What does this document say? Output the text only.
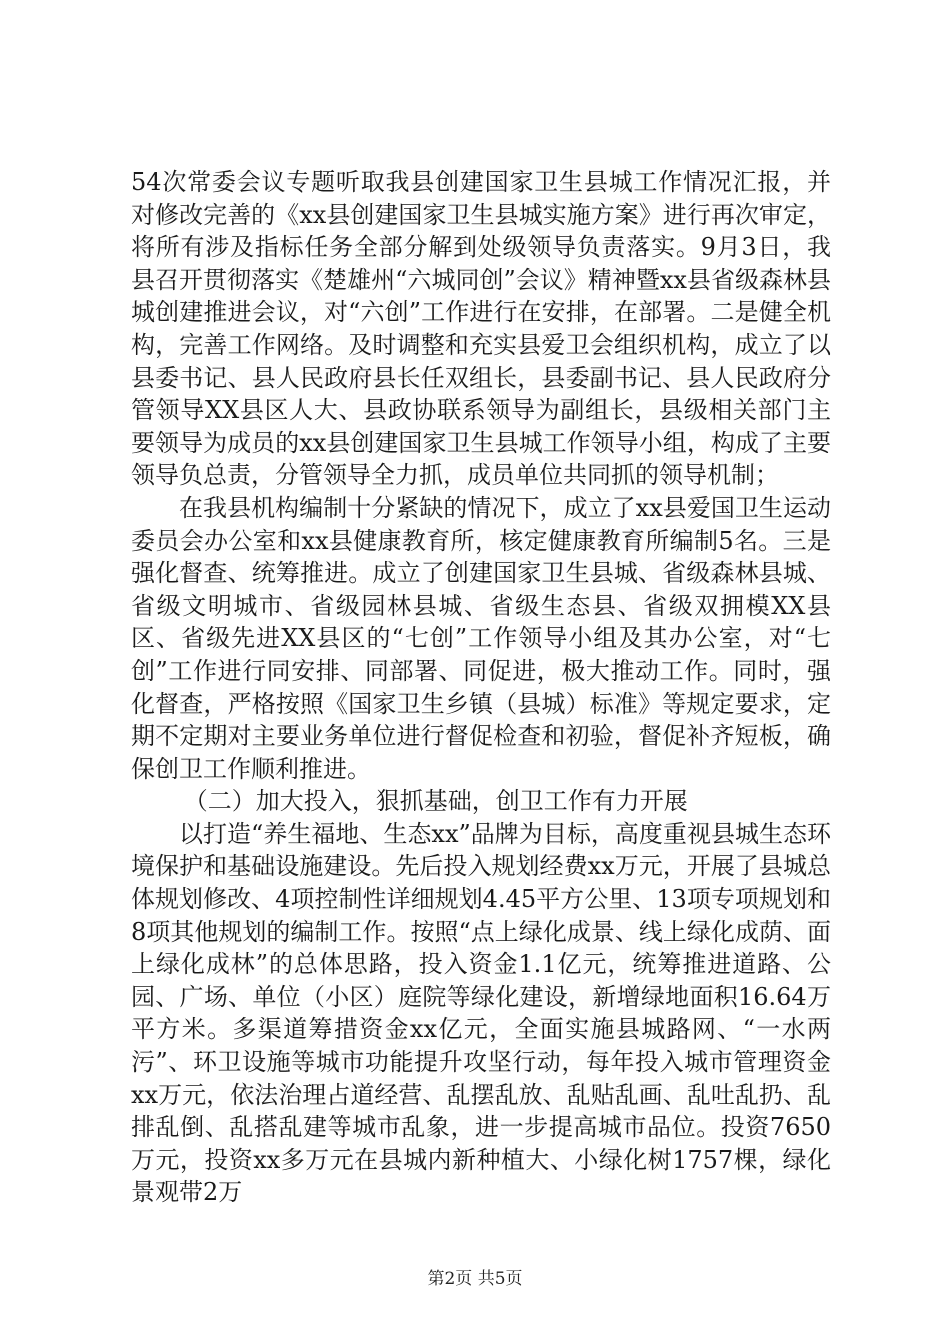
54次常委会议专题听取我县创建国家卫生县城工作情况汇报，并对修改完善的《xx县创建国家卫生县城实施方案》进行再次审定，将所有涉及指标任务全部分解到处级领导负责落实。9月3日，我县召开贯彻落实《楚雄州“六城同创”会议》精神暨xx县省级森林县城创建推进会议，对“六创”工作进行在安排，在部署。二是健全机构，完善工作网络。及时调整和充实县爱卫会组织机构，成立了以县委书记、县人民政府县长任双组长，县委副书记、县人民政府分管领导XX县区人大、县政协联系领导为副组长，县级相关部门主要领导为成员的xx县创建国家卫生县城工作领导小组，构成了主要领导负总责，分管领导全力抓，成员单位共同抓的领导机制；

在我县机构编制十分紧缺的情况下，成立了xx县爱国卫生运动委员会办公室和xx县健康教育所，核定健康教育所编制5名。三是强化督查、统筹推进。成立了创建国家卫生县城、省级森林县城、省级文明城市、省级园林县城、省级生态县、省级双拥模XX县区、省级先进XX县区的“七创”工作领导小组及其办公室，对“七创”工作进行同安排、同部署、同促进，极大推动工作。同时，强化督查，严格按照《国家卫生乡镇（县城）标准》等规定要求，定期不定期对主要业务单位进行督促检查和初验，督促补齐短板，确保创卫工作顺利推进。

（二）加大投入，狠抓基础，创卫工作有力开展

以打造“养生福地、生态xx”品牌为目标，高度重视县城生态环境保护和基础设施建设。先后投入规划经费xx万元，开展了县城总体规划修改、4项控制性详细规划4.45平方公里、13项专项规划和8项其他规划的编制工作。按照“点上绿化成景、线上绿化成荫、面上绿化成林”的总体思路，投入资金1.1亿元，统筹推进道路、公园、广场、单位（小区）庭院等绿化建设，新增绿地面积16.64万平方米。多渠道筹措资金xx亿元，全面实施县城路网、“一水两污”、环卫设施等城市功能提升攻坚行动，每年投入城市管理资金xx万元，依法治理占道经营、乱摆乱放、乱贴乱画、乱吐乱扔、乱排乱倒、乱搭乱建等城市乱象，进一步提高城市品位。投资7650万元，投资xx多万元在县城内新种植大、小绿化树1757棵，绿化景观带2万

第2页 共5页
